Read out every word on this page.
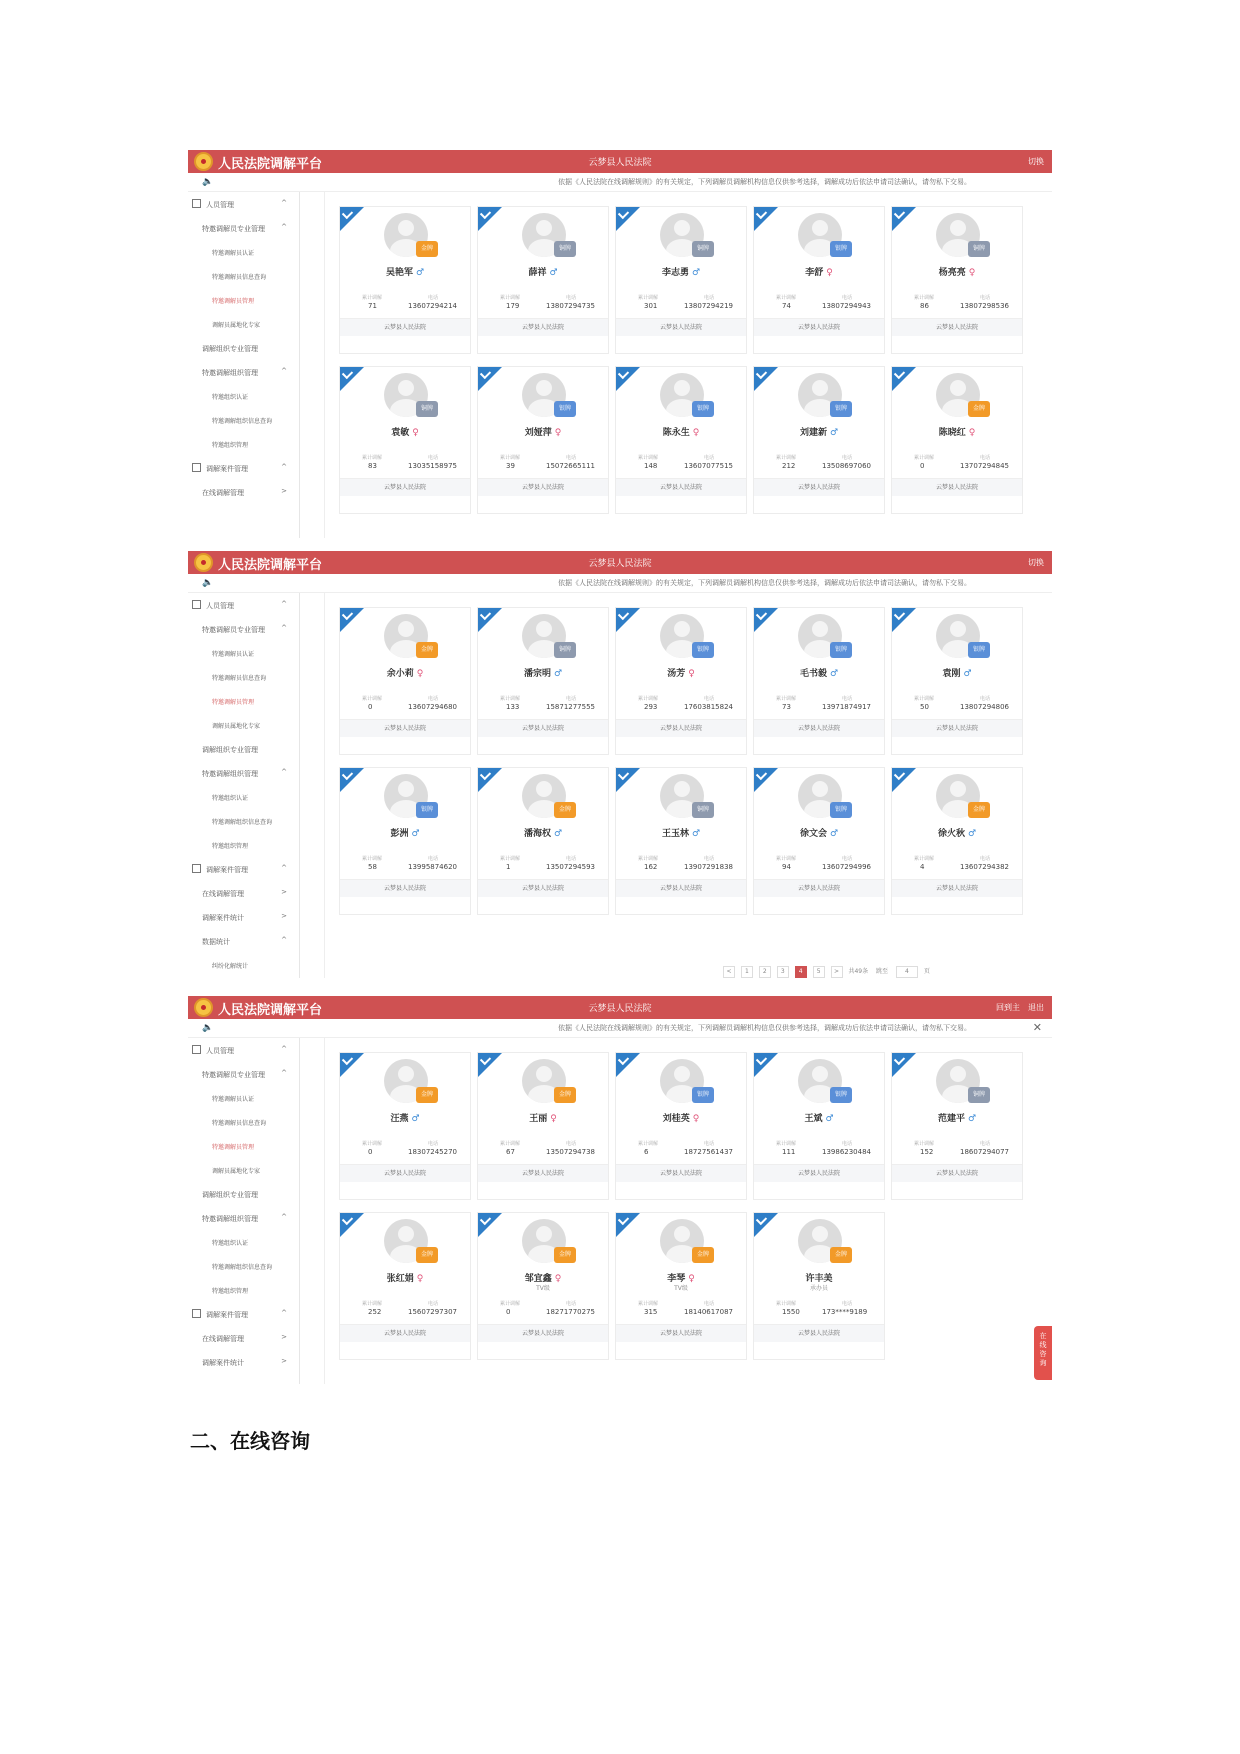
人民法院调解平台	云梦县人民法院	切换
🔈	依据《人民法院在线调解规则》的有关规定，下列调解员调解机构信息仅供参考选择，调解成功后依法申请司法确认，请勿私下交易。
人员管理	^
特邀调解员专业管理 ^
特邀调解员认证
特邀调解员信息查询
特邀调解员管理
调解员属地化专家
调解组织专业管理
特邀调解组织管理	^
特邀组织认证
特邀调解组织信息查询
特邀组织管理
调解案件管理	^
在线调解管理	>
金牌
吴艳军 ♂
累计调解	电话
71	13607294214
云梦县人民法院
铜牌
薛祥 ♂
累计调解	电话
179	13807294735
云梦县人民法院
铜牌
李志勇 ♂
累计调解	电话
301	13807294219
云梦县人民法院
银牌
李舒 ♀
累计调解	电话
74	13807294943
云梦县人民法院
铜牌
杨亮亮 ♀
累计调解	电话
86	13807298536
云梦县人民法院
铜牌
袁敏 ♀
累计调解	电话
83	13035158975
云梦县人民法院
银牌
刘娅萍 ♀
累计调解	电话
39	15072665111
云梦县人民法院
银牌
陈永生 ♀
累计调解	电话
148	13607077515
云梦县人民法院
银牌
刘建新 ♂
累计调解	电话
212	13508697060
云梦县人民法院
金牌
陈晓红 ♀
累计调解	电话
0	13707294845
云梦县人民法院
人民法院调解平台	云梦县人民法院	切换
🔈	依据《人民法院在线调解规则》的有关规定，下列调解员调解机构信息仅供参考选择，调解成功后依法申请司法确认，请勿私下交易。
人员管理	^
特邀调解员专业管理 ^
特邀调解员认证
特邀调解员信息查询
特邀调解员管理
调解员属地化专家
调解组织专业管理
特邀调解组织管理	^
特邀组织认证
特邀调解组织信息查询
特邀组织管理
调解案件管理	^
在线调解管理	>
调解案件统计	>
数据统计	^
纠纷化解统计
金牌
余小莉 ♀
累计调解	电话
0	13607294680
云梦县人民法院
铜牌
潘宗明 ♂
累计调解	电话
133	15871277555
云梦县人民法院
银牌
汤芳 ♀
累计调解	电话
293	17603815824
云梦县人民法院
银牌
毛书毅 ♂
累计调解	电话
73	13971874917
云梦县人民法院
银牌
袁刚 ♂
累计调解	电话
50	13807294806
云梦县人民法院
银牌
彭洲 ♂
累计调解	电话
58	13995874620
云梦县人民法院
金牌
潘海权 ♂
累计调解	电话
1	13507294593
云梦县人民法院
铜牌
王玉林 ♂
累计调解	电话
162	13907291838
云梦县人民法院
银牌
徐文会 ♂
累计调解	电话
94	13607294996
云梦县人民法院
金牌
徐火秋 ♂
累计调解	电话
4	13607294382
云梦县人民法院
< 1 2 3 4 5 > 共49条 跳至	4	页
人民法院调解平台	云梦县人民法院	回到主 退出
🔈	依据《人民法院在线调解规则》的有关规定，下列调解员调解机构信息仅供参考选择，调解成功后依法申请司法确认，请勿私下交易。	✕
人员管理	^
特邀调解员专业管理 ^
特邀调解员认证
特邀调解员信息查询
特邀调解员管理
调解员属地化专家
调解组织专业管理
特邀调解组织管理	^
特邀组织认证
特邀调解组织信息查询
特邀组织管理
调解案件管理	^
在线调解管理	>
调解案件统计	>
金牌
汪燕 ♂
累计调解	电话
0	18307245270
云梦县人民法院
金牌
王丽 ♀
累计调解	电话
67	13507294738
云梦县人民法院
银牌
刘桂英 ♀
累计调解	电话
6	18727561437
云梦县人民法院
银牌
王斌 ♂
累计调解	电话
111	13986230484
云梦县人民法院
铜牌
范建平 ♂
累计调解	电话
152	18607294077
云梦县人民法院
金牌
张红娟 ♀
累计调解	电话
252	15607297307
云梦县人民法院
金牌
邹宜鑫 ♀
TV级
累计调解	电话
0	18271770275
云梦县人民法院
金牌
李琴 ♀
TV级
累计调解	电话
315	18140617087
云梦县人民法院
金牌
许丰美
承办员
累计调解	电话
1550	173****9189
云梦县人民法院	在
线
咨
询
二、在线咨询
